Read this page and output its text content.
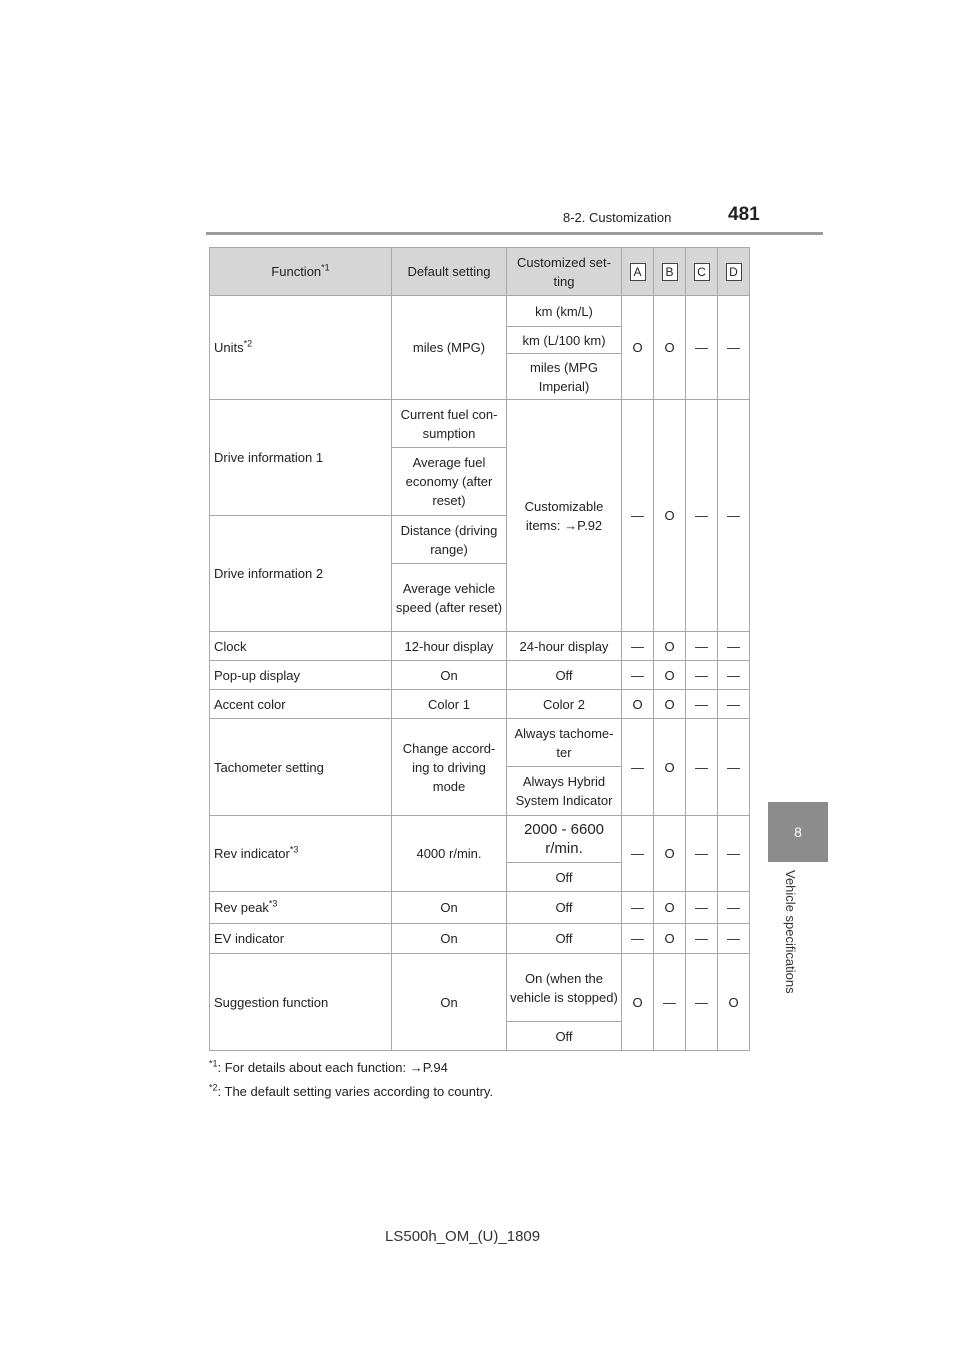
8-2. Customization	481
8
Vehicle specifications
Function$^{*1}$	Default setting	Customized set-ting	A	B	C	D
Units$^{*2}$	miles (MPG)	km (km/L)	O	O	—	—
		km (L/100 km)				
		miles (MPG Imperial)				
Drive information 1	Current fuel con-sumption	Customizable items: →P.92	—	O	—	—
	Average fuel economy (after reset)					
Drive information 2	Distance (driving range)					
	Average vehicle speed (after reset)					
Clock	12-hour display	24-hour display	—	O	—	—
Pop-up display	On	Off	—	O	—	—
Accent color	Color 1	Color 2	O	O	—	—
Tachometer setting	Change accord-ing to driving mode	Always tachome-ter	—	O	—	—
		Always Hybrid System Indicator				
Rev indicator$^{*3}$	4000 r/min.	2000 - 6600 r/min.	—	O	—	—
		Off				
Rev peak$^{*3}$	On	Off	—	O	—	—
EV indicator	On	Off	—	O	—	—
Suggestion function	On	On (when the vehicle is stopped)	O	—	—	O
		Off				
$^{*1}$: For details about each function: →P.94
$^{*2}$: The default setting varies according to country.
LS500h_OM_(U)_1809
